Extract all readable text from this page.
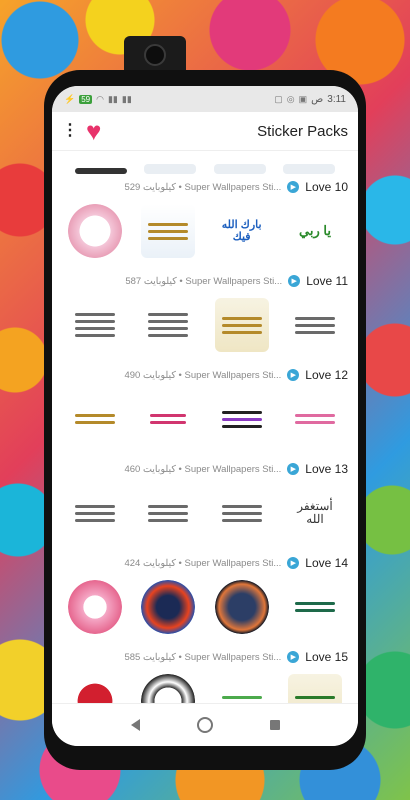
⚡ 59 ◠ ▮▮ ▮▮	▢ ◎ ▣ ص 3:11
⋮ ♥	Sticker Packs
529 کیلوبایت • Super Wallpapers Sti...	▶ Love 10
بارك الله فيك	يا ربي
587 کیلوبایت • Super Wallpapers Sti...	▶ Love 11
490 کیلوبایت • Super Wallpapers Sti...	▶ Love 12
460 کیلوبایت • Super Wallpapers Sti...	▶ Love 13
أستغفر الله
424 کیلوبایت • Super Wallpapers Sti...	▶ Love 14
585 کیلوبایت • Super Wallpapers Sti...	▶ Love 15
